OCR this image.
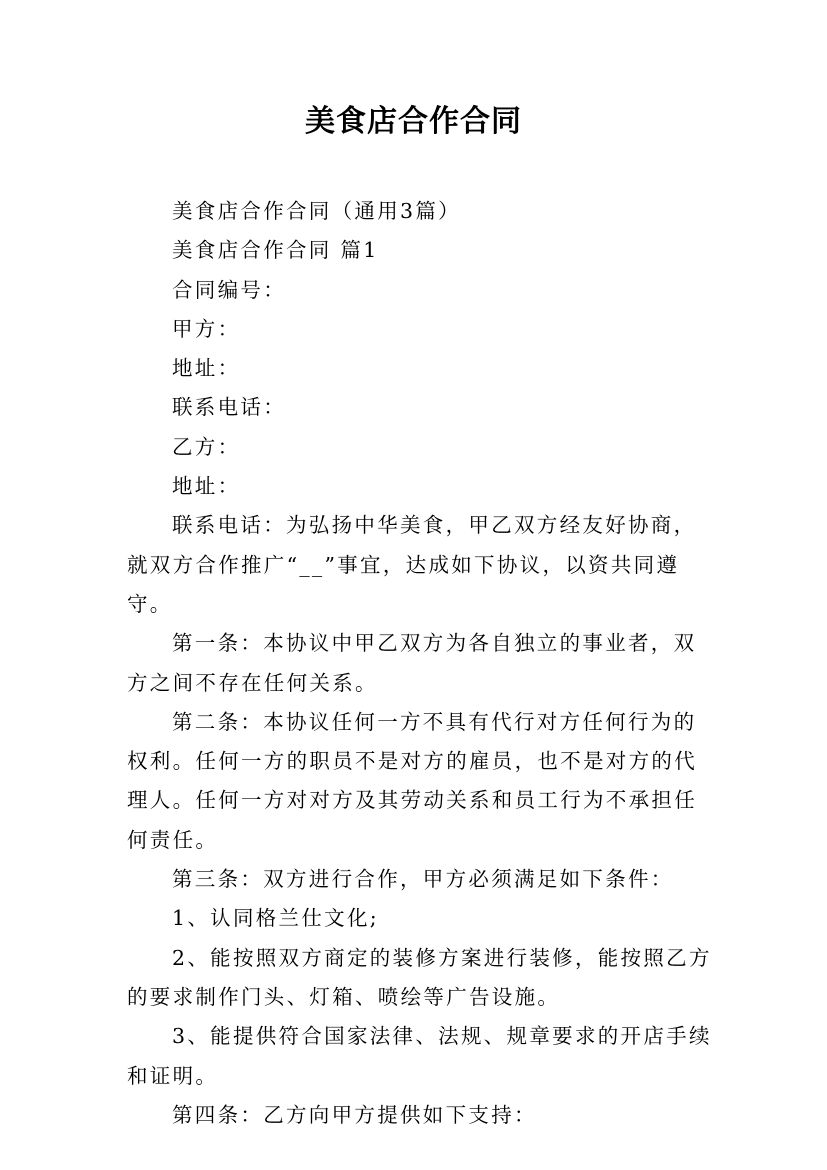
美食店合作合同

美食店合作合同（通用3篇）

美食店合作合同 篇1

合同编号：

甲方：

地址：

联系电话：

乙方：

地址：

联系电话：为弘扬中华美食，甲乙双方经友好协商，就双方合作推广“__”事宜，达成如下协议，以资共同遵守。

第一条：本协议中甲乙双方为各自独立的事业者，双方之间不存在任何关系。

第二条：本协议任何一方不具有代行对方任何行为的权利。任何一方的职员不是对方的雇员，也不是对方的代理人。任何一方对对方及其劳动关系和员工行为不承担任何责任。

第三条：双方进行合作，甲方必须满足如下条件：

1、认同格兰仕文化;

2、能按照双方商定的装修方案进行装修，能按照乙方的要求制作门头、灯箱、喷绘等广告设施。

3、能提供符合国家法律、法规、规章要求的开店手续和证明。

第四条：乙方向甲方提供如下支持：
